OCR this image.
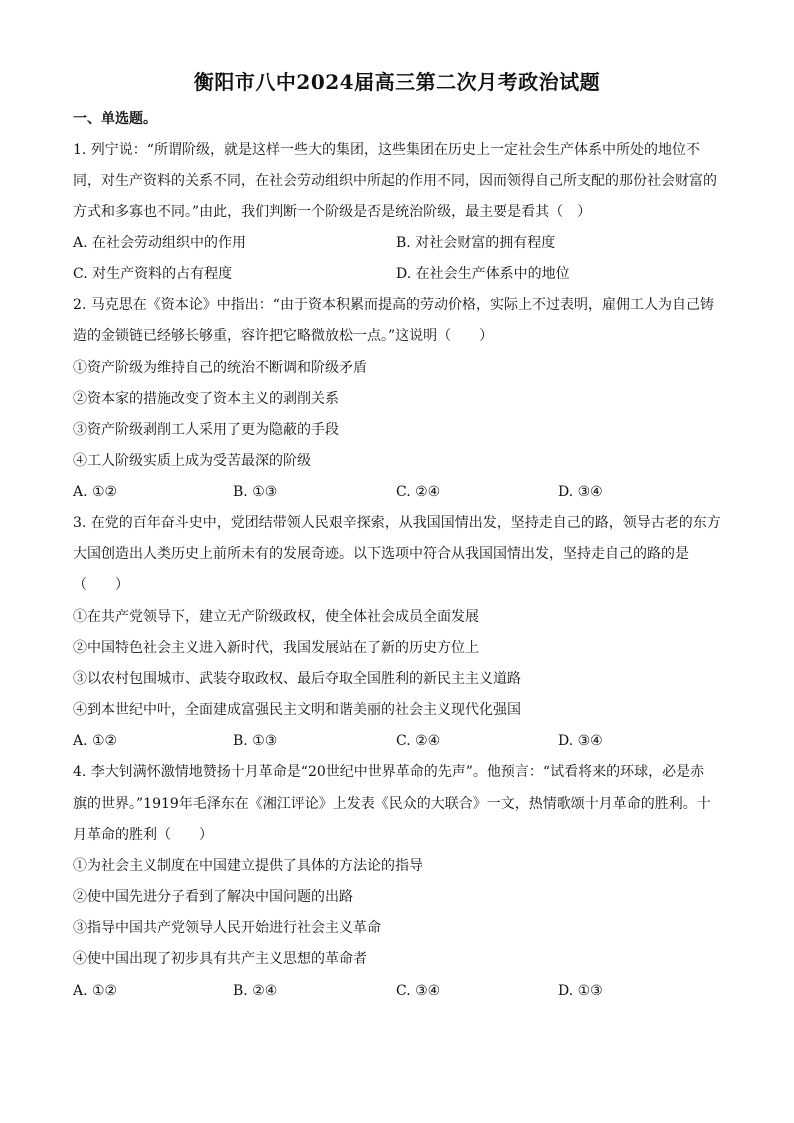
衡阳市八中2024届高三第二次月考政治试题
一、单选题。
1. 列宁说：“所谓阶级，就是这样一些大的集团，这些集团在历史上一定社会生产体系中所处的地位不
同，对生产资料的关系不同，在社会劳动组织中所起的作用不同，因而领得自己所支配的那份社会财富的
方式和多寡也不同。”由此，我们判断一个阶级是否是统治阶级，最主要是看其（　）
A. 在社会劳动组织中的作用	B. 对社会财富的拥有程度
C. 对生产资料的占有程度	D. 在社会生产体系中的地位
2. 马克思在《资本论》中指出：“由于资本积累而提高的劳动价格，实际上不过表明，雇佣工人为自己铸
造的金锁链已经够长够重，容许把它略微放松一点。”这说明（　　）
①资产阶级为维持自己的统治不断调和阶级矛盾
②资本家的措施改变了资本主义的剥削关系
③资产阶级剥削工人采用了更为隐蔽的手段
④工人阶级实质上成为受苦最深的阶级
A. ①②	B. ①③	C. ②④	D. ③④
3. 在党的百年奋斗史中，党团结带领人民艰辛探索，从我国国情出发，坚持走自己的路，领导古老的东方
大国创造出人类历史上前所未有的发展奇迹。以下选项中符合从我国国情出发，坚持走自己的路的是
（　　）
①在共产党领导下，建立无产阶级政权，使全体社会成员全面发展
②中国特色社会主义进入新时代，我国发展站在了新的历史方位上
③以农村包围城市、武装夺取政权、最后夺取全国胜利的新民主主义道路
④到本世纪中叶，全面建成富强民主文明和谐美丽的社会主义现代化强国
A. ①②	B. ①③	C. ②④	D. ③④
4. 李大钊满怀激情地赞扬十月革命是“20世纪中世界革命的先声”。他预言：“试看将来的环球，必是赤
旗的世界。”1919年毛泽东在《湘江评论》上发表《民众的大联合》一文，热情歌颂十月革命的胜利。十
月革命的胜利（　　）
①为社会主义制度在中国建立提供了具体的方法论的指导
②使中国先进分子看到了解决中国问题的出路
③指导中国共产党领导人民开始进行社会主义革命
④使中国出现了初步具有共产主义思想的革命者
A. ①②	B. ②④	C. ③④	D. ①③
